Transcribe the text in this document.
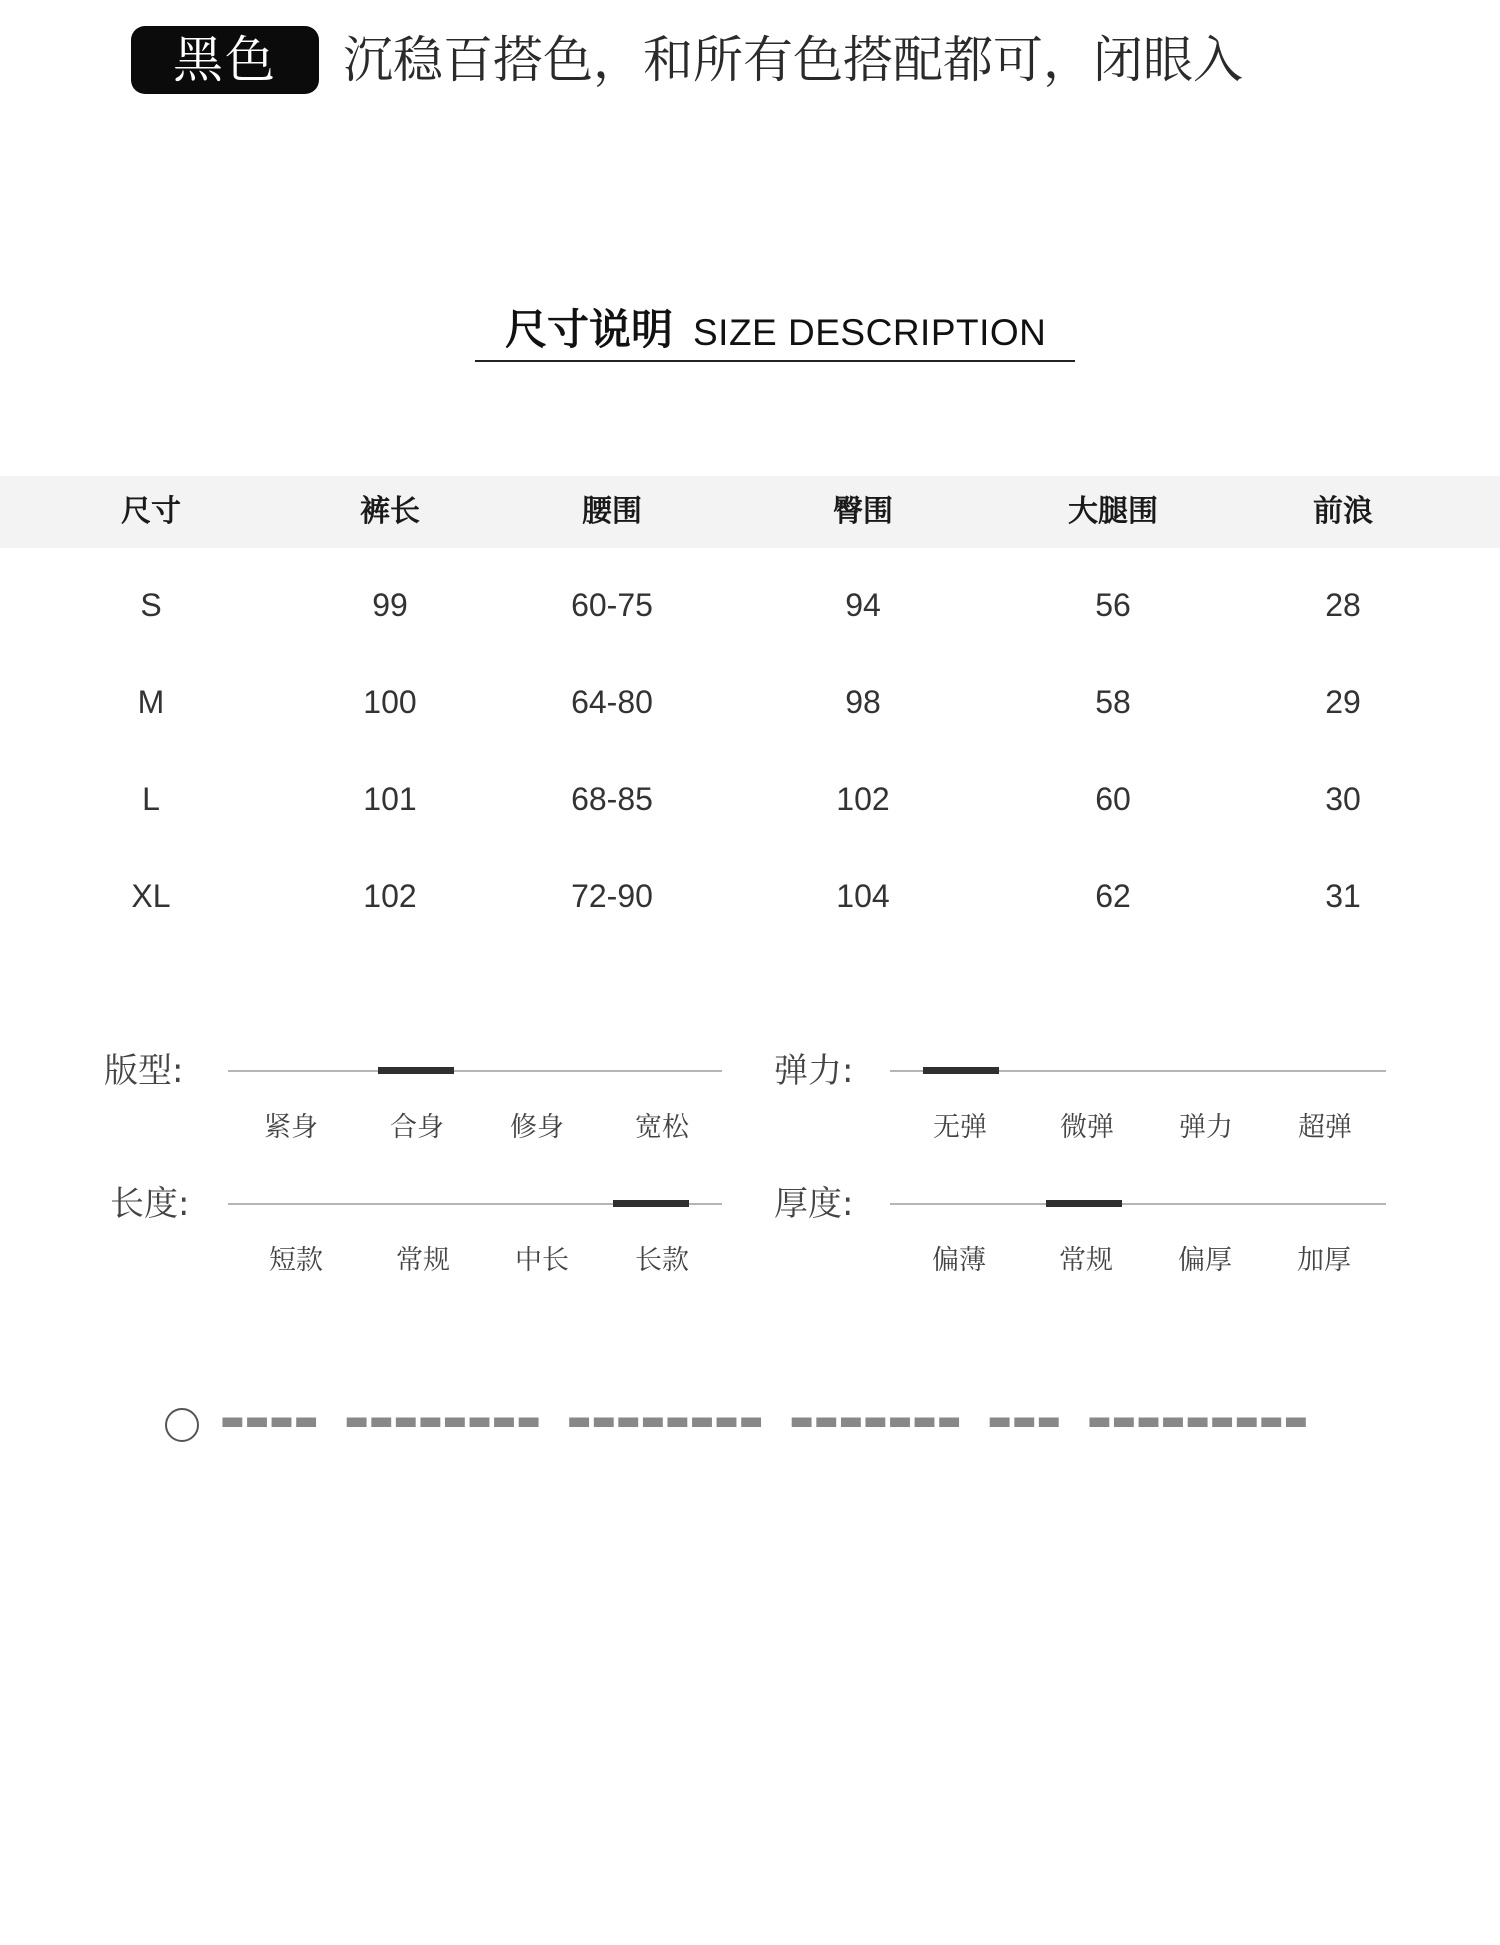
黑色	沉稳百搭色，和所有色搭配都可，闭眼入
尺寸说明 SIZE DESCRIPTION
尺寸	裤长	腰围	臀围	大腿围	前浪
S	99	60-75	94	56	28
M	100	64-80	98	58	29
L	101	68-85	102	60	30
XL	102	72-90	104	62	31
版型:
紧身	合身	修身	宽松
弹力:
无弹	微弹	弹力	超弹
长度:
短款	常规	中长	长款
厚度:
偏薄	常规	偏厚	加厚
▬▬▬▬　▬▬▬▬▬▬▬▬　▬▬▬▬▬▬▬▬　▬▬▬▬▬▬▬　▬▬▬　▬▬▬▬▬▬▬▬▬
